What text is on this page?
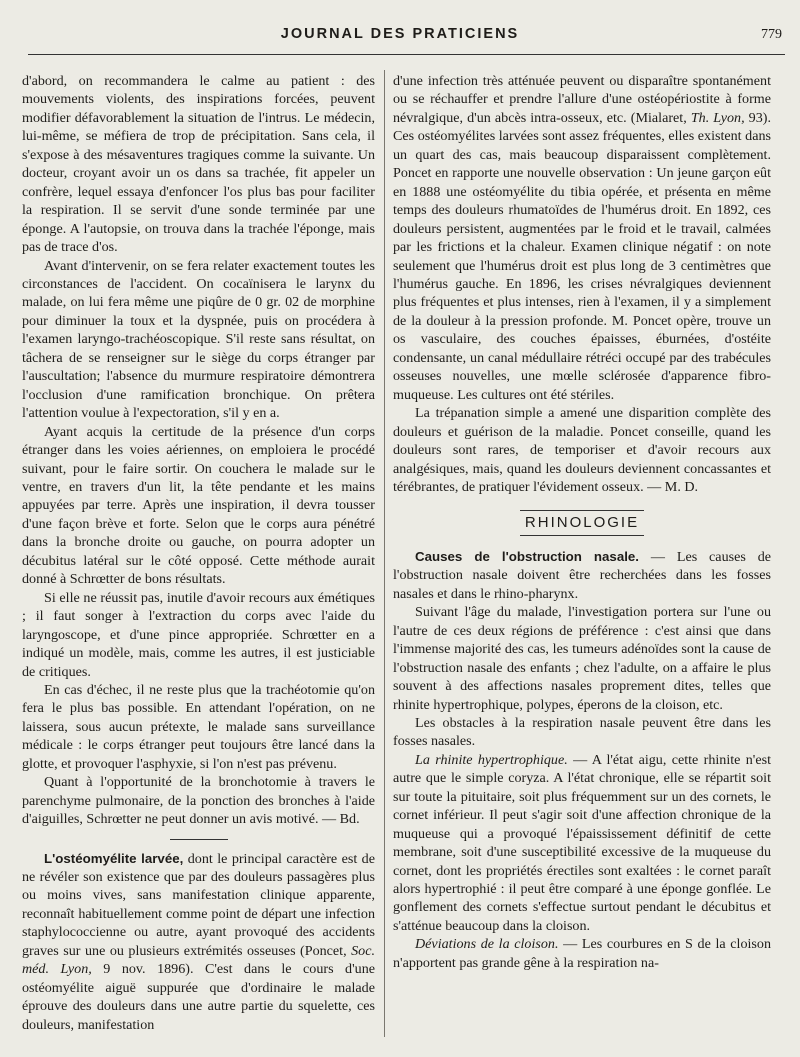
JOURNAL DES PRATICIENS	779

d'abord, on recommandera le calme au patient : des mouvements violents, des inspirations forcées, peuvent modifier défavorablement la situation de l'intrus. Le médecin, lui-même, se méfiera de trop de précipitation. Sans cela, il s'expose à des mésaventures tragiques comme la suivante. Un docteur, croyant avoir un os dans sa trachée, fit appeler un confrère, lequel essaya d'enfoncer l'os plus bas pour faciliter la respiration. Il se servit d'une sonde terminée par une éponge. A l'autopsie, on trouva dans la trachée l'éponge, mais pas de trace d'os.

Avant d'intervenir, on se fera relater exactement toutes les circonstances de l'accident. On cocaïnisera le larynx du malade, on lui fera même une piqûre de 0 gr. 02 de morphine pour diminuer la toux et la dyspnée, puis on procédera à l'examen laryngo-trachéoscopique. S'il reste sans résultat, on tâchera de se renseigner sur le siège du corps étranger par l'auscultation; l'absence du murmure respiratoire démontrera l'occlusion d'une ramification bronchique. On prêtera l'attention voulue à l'expectoration, s'il y en a.

Ayant acquis la certitude de la présence d'un corps étranger dans les voies aériennes, on emploiera le procédé suivant, pour le faire sortir. On couchera le malade sur le ventre, en travers d'un lit, la tête pendante et les mains appuyées par terre. Après une inspiration, il devra tousser d'une façon brève et forte. Selon que le corps aura pénétré dans la bronche droite ou gauche, on pourra adopter un décubitus latéral sur le côté opposé. Cette méthode aurait donné à Schrœtter de bons résultats.

Si elle ne réussit pas, inutile d'avoir recours aux émétiques ; il faut songer à l'extraction du corps avec l'aide du laryngoscope, et d'une pince appropriée. Schrœtter en a indiqué un modèle, mais, comme les autres, il est justiciable de critiques.

En cas d'échec, il ne reste plus que la trachéotomie qu'on fera le plus bas possible. En attendant l'opération, on ne laissera, sous aucun prétexte, le malade sans surveillance médicale : le corps étranger peut toujours être lancé dans la glotte, et provoquer l'asphyxie, si l'on n'est pas prévenu.

Quant à l'opportunité de la bronchotomie à travers le parenchyme pulmonaire, de la ponction des bronches à l'aide d'aiguilles, Schrœtter ne peut donner un avis motivé. — Bd.

L'ostéomyélite larvée, dont le principal caractère est de ne révéler son existence que par des douleurs passagères plus ou moins vives, sans manifestation clinique apparente, reconnaît habituellement comme point de départ une infection staphylococcienne ou autre, ayant provoqué des accidents graves sur une ou plusieurs extrémités osseuses (Poncet, Soc. méd. Lyon, 9 nov. 1896). C'est dans le cours d'une ostéomyélite aiguë suppurée que d'ordinaire le malade éprouve des douleurs dans une autre partie du squelette, ces douleurs, manifestation

d'une infection très atténuée peuvent ou disparaître spontanément ou se réchauffer et prendre l'allure d'une ostéopériostite à forme névralgique, d'un abcès intra-osseux, etc. (Mialaret, Th. Lyon, 93). Ces ostéomyélites larvées sont assez fréquentes, elles existent dans un quart des cas, mais beaucoup disparaissent complètement. Poncet en rapporte une nouvelle observation : Un jeune garçon eût en 1888 une ostéomyélite du tibia opérée, et présenta en même temps des douleurs rhumatoïdes de l'humérus droit. En 1892, ces douleurs persistent, augmentées par le froid et le travail, calmées par les frictions et la chaleur. Examen clinique négatif : on note seulement que l'humérus droit est plus long de 3 centimètres que l'humérus gauche. En 1896, les crises névralgiques deviennent plus fréquentes et plus intenses, rien à l'examen, il y a simplement de la douleur à la pression profonde. M. Poncet opère, trouve un os vasculaire, des couches épaisses, éburnées, d'ostéite condensante, un canal médullaire rétréci occupé par des trabécules osseuses nouvelles, une mœlle sclérosée d'apparence fibro-muqueuse. Les cultures ont été stériles.

La trépanation simple a amené une disparition complète des douleurs et guérison de la maladie. Poncet conseille, quand les douleurs sont rares, de temporiser et d'avoir recours aux analgésiques, mais, quand les douleurs deviennent concassantes et térébrantes, de pratiquer l'évidement osseux. — M. D.

RHINOLOGIE

Causes de l'obstruction nasale. — Les causes de l'obstruction nasale doivent être recherchées dans les fosses nasales et dans le rhino-pharynx.

Suivant l'âge du malade, l'investigation portera sur l'une ou l'autre de ces deux régions de préférence : c'est ainsi que dans l'immense majorité des cas, les tumeurs adénoïdes sont la cause de l'obstruction nasale des enfants ; chez l'adulte, on a affaire le plus souvent à des affections nasales proprement dites, telles que rhinite hypertrophique, polypes, éperons de la cloison, etc.

Les obstacles à la respiration nasale peuvent être dans les fosses nasales.

La rhinite hypertrophique. — A l'état aigu, cette rhinite n'est autre que le simple coryza. A l'état chronique, elle se répartit soit sur toute la pituitaire, soit plus fréquemment sur un des cornets, le cornet inférieur. Il peut s'agir soit d'une affection chronique de la muqueuse qui a provoqué l'épaississement définitif de cette membrane, soit d'une susceptibilité excessive de la muqueuse du cornet, dont les propriétés érectiles sont exaltées : le cornet paraît alors hypertrophié : il peut être comparé à une éponge gonflée. Le gonflement des cornets s'effectue surtout pendant le décubitus et s'atténue beaucoup dans la cloison.

Déviations de la cloison. — Les courbures en S de la cloison n'apportent pas grande gêne à la respiration na-
